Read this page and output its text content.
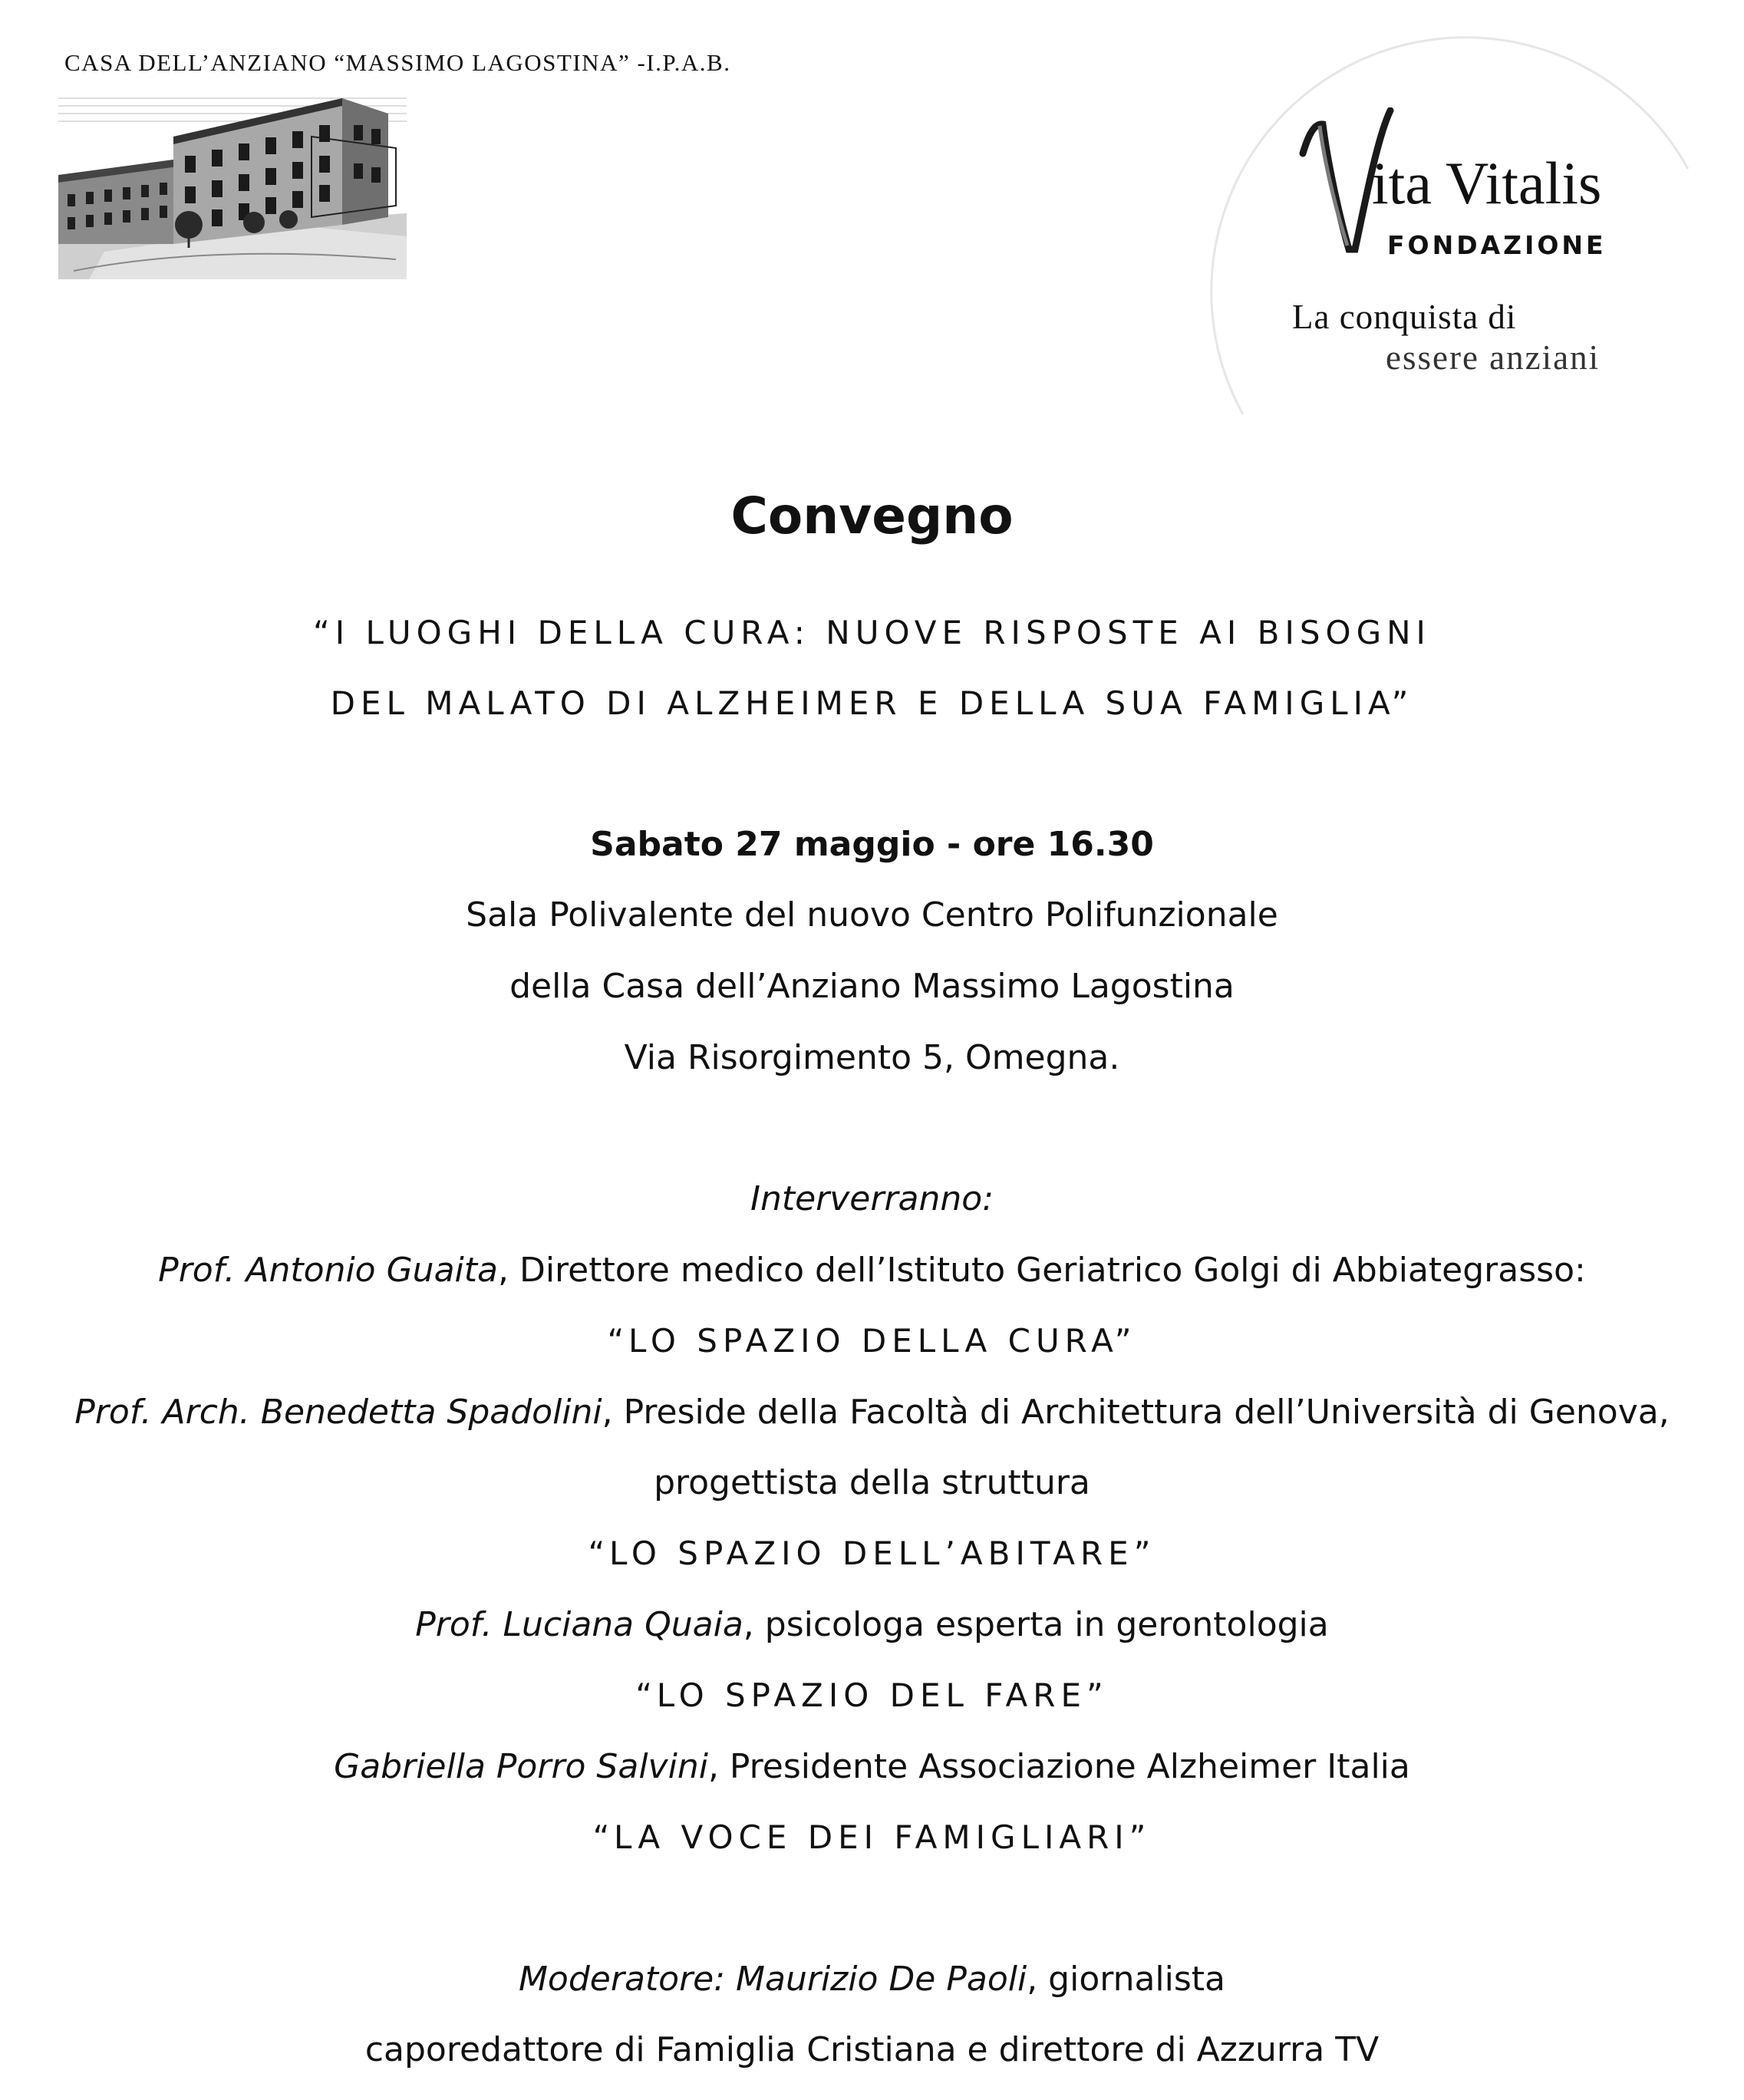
CASA DELL’ANZIANO “MASSIMO LAGOSTINA” -I.P.A.B.
ita Vitalis
FONDAZIONE
La conquista di
essere anziani
Convegno
“I LUOGHI DELLA CURA: NUOVE RISPOSTE AI BISOGNI
DEL MALATO DI ALZHEIMER E DELLA SUA FAMIGLIA”
Sabato 27 maggio - ore 16.30
Sala Polivalente del nuovo Centro Polifunzionale
della Casa dell’Anziano Massimo Lagostina
Via Risorgimento 5, Omegna.
Interverranno:
Prof. Antonio Guaita, Direttore medico dell’Istituto Geriatrico Golgi di Abbiategrasso:
“LO SPAZIO DELLA CURA”
Prof. Arch. Benedetta Spadolini, Preside della Facoltà di Architettura dell’Università di Genova,
progettista della struttura
“LO SPAZIO DELL’ABITARE”
Prof. Luciana Quaia, psicologa esperta in gerontologia
“LO SPAZIO DEL FARE”
Gabriella Porro Salvini, Presidente Associazione Alzheimer Italia
“LA VOCE DEI FAMIGLIARI”
Moderatore: Maurizio De Paoli, giornalista
caporedattore di Famiglia Cristiana e direttore di Azzurra TV
